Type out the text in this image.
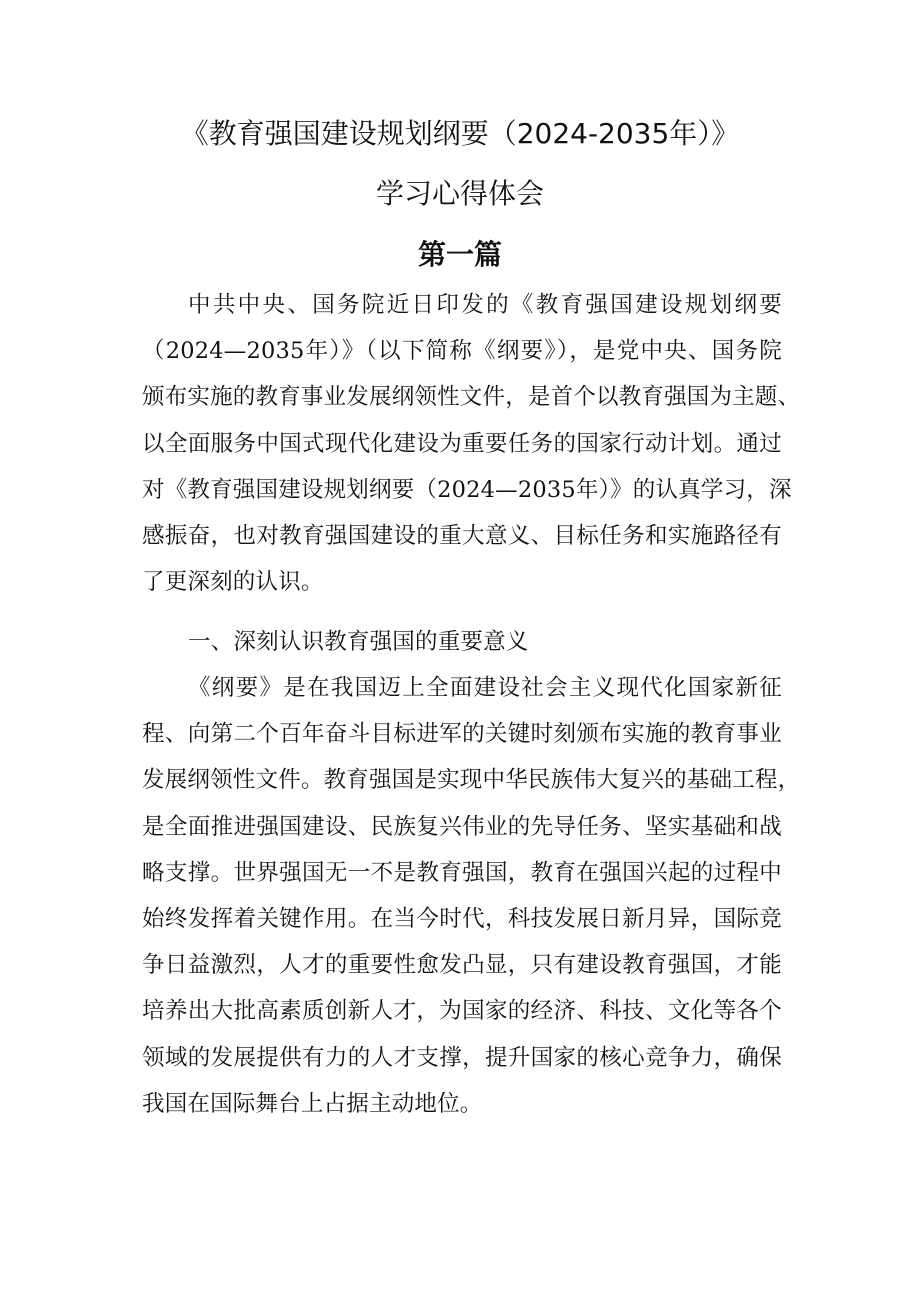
《教育强国建设规划纲要（2024-2035年）》
学习心得体会
第一篇
中共中央、国务院近日印发的《教育强国建设规划纲要
（2024—2035年）》（以下简称《纲要》），是党中央、国务院
颁布实施的教育事业发展纲领性文件，是首个以教育强国为主题、
以全面服务中国式现代化建设为重要任务的国家行动计划。通过
对《教育强国建设规划纲要（2024—2035年）》的认真学习，深
感振奋，也对教育强国建设的重大意义、目标任务和实施路径有
了更深刻的认识。
一、深刻认识教育强国的重要意义
《纲要》是在我国迈上全面建设社会主义现代化国家新征
程、向第二个百年奋斗目标进军的关键时刻颁布实施的教育事业
发展纲领性文件。教育强国是实现中华民族伟大复兴的基础工程，
是全面推进强国建设、民族复兴伟业的先导任务、坚实基础和战
略支撑。世界强国无一不是教育强国，教育在强国兴起的过程中
始终发挥着关键作用。在当今时代，科技发展日新月异，国际竞
争日益激烈，人才的重要性愈发凸显，只有建设教育强国，才能
培养出大批高素质创新人才，为国家的经济、科技、文化等各个
领域的发展提供有力的人才支撑，提升国家的核心竞争力，确保
我国在国际舞台上占据主动地位。
